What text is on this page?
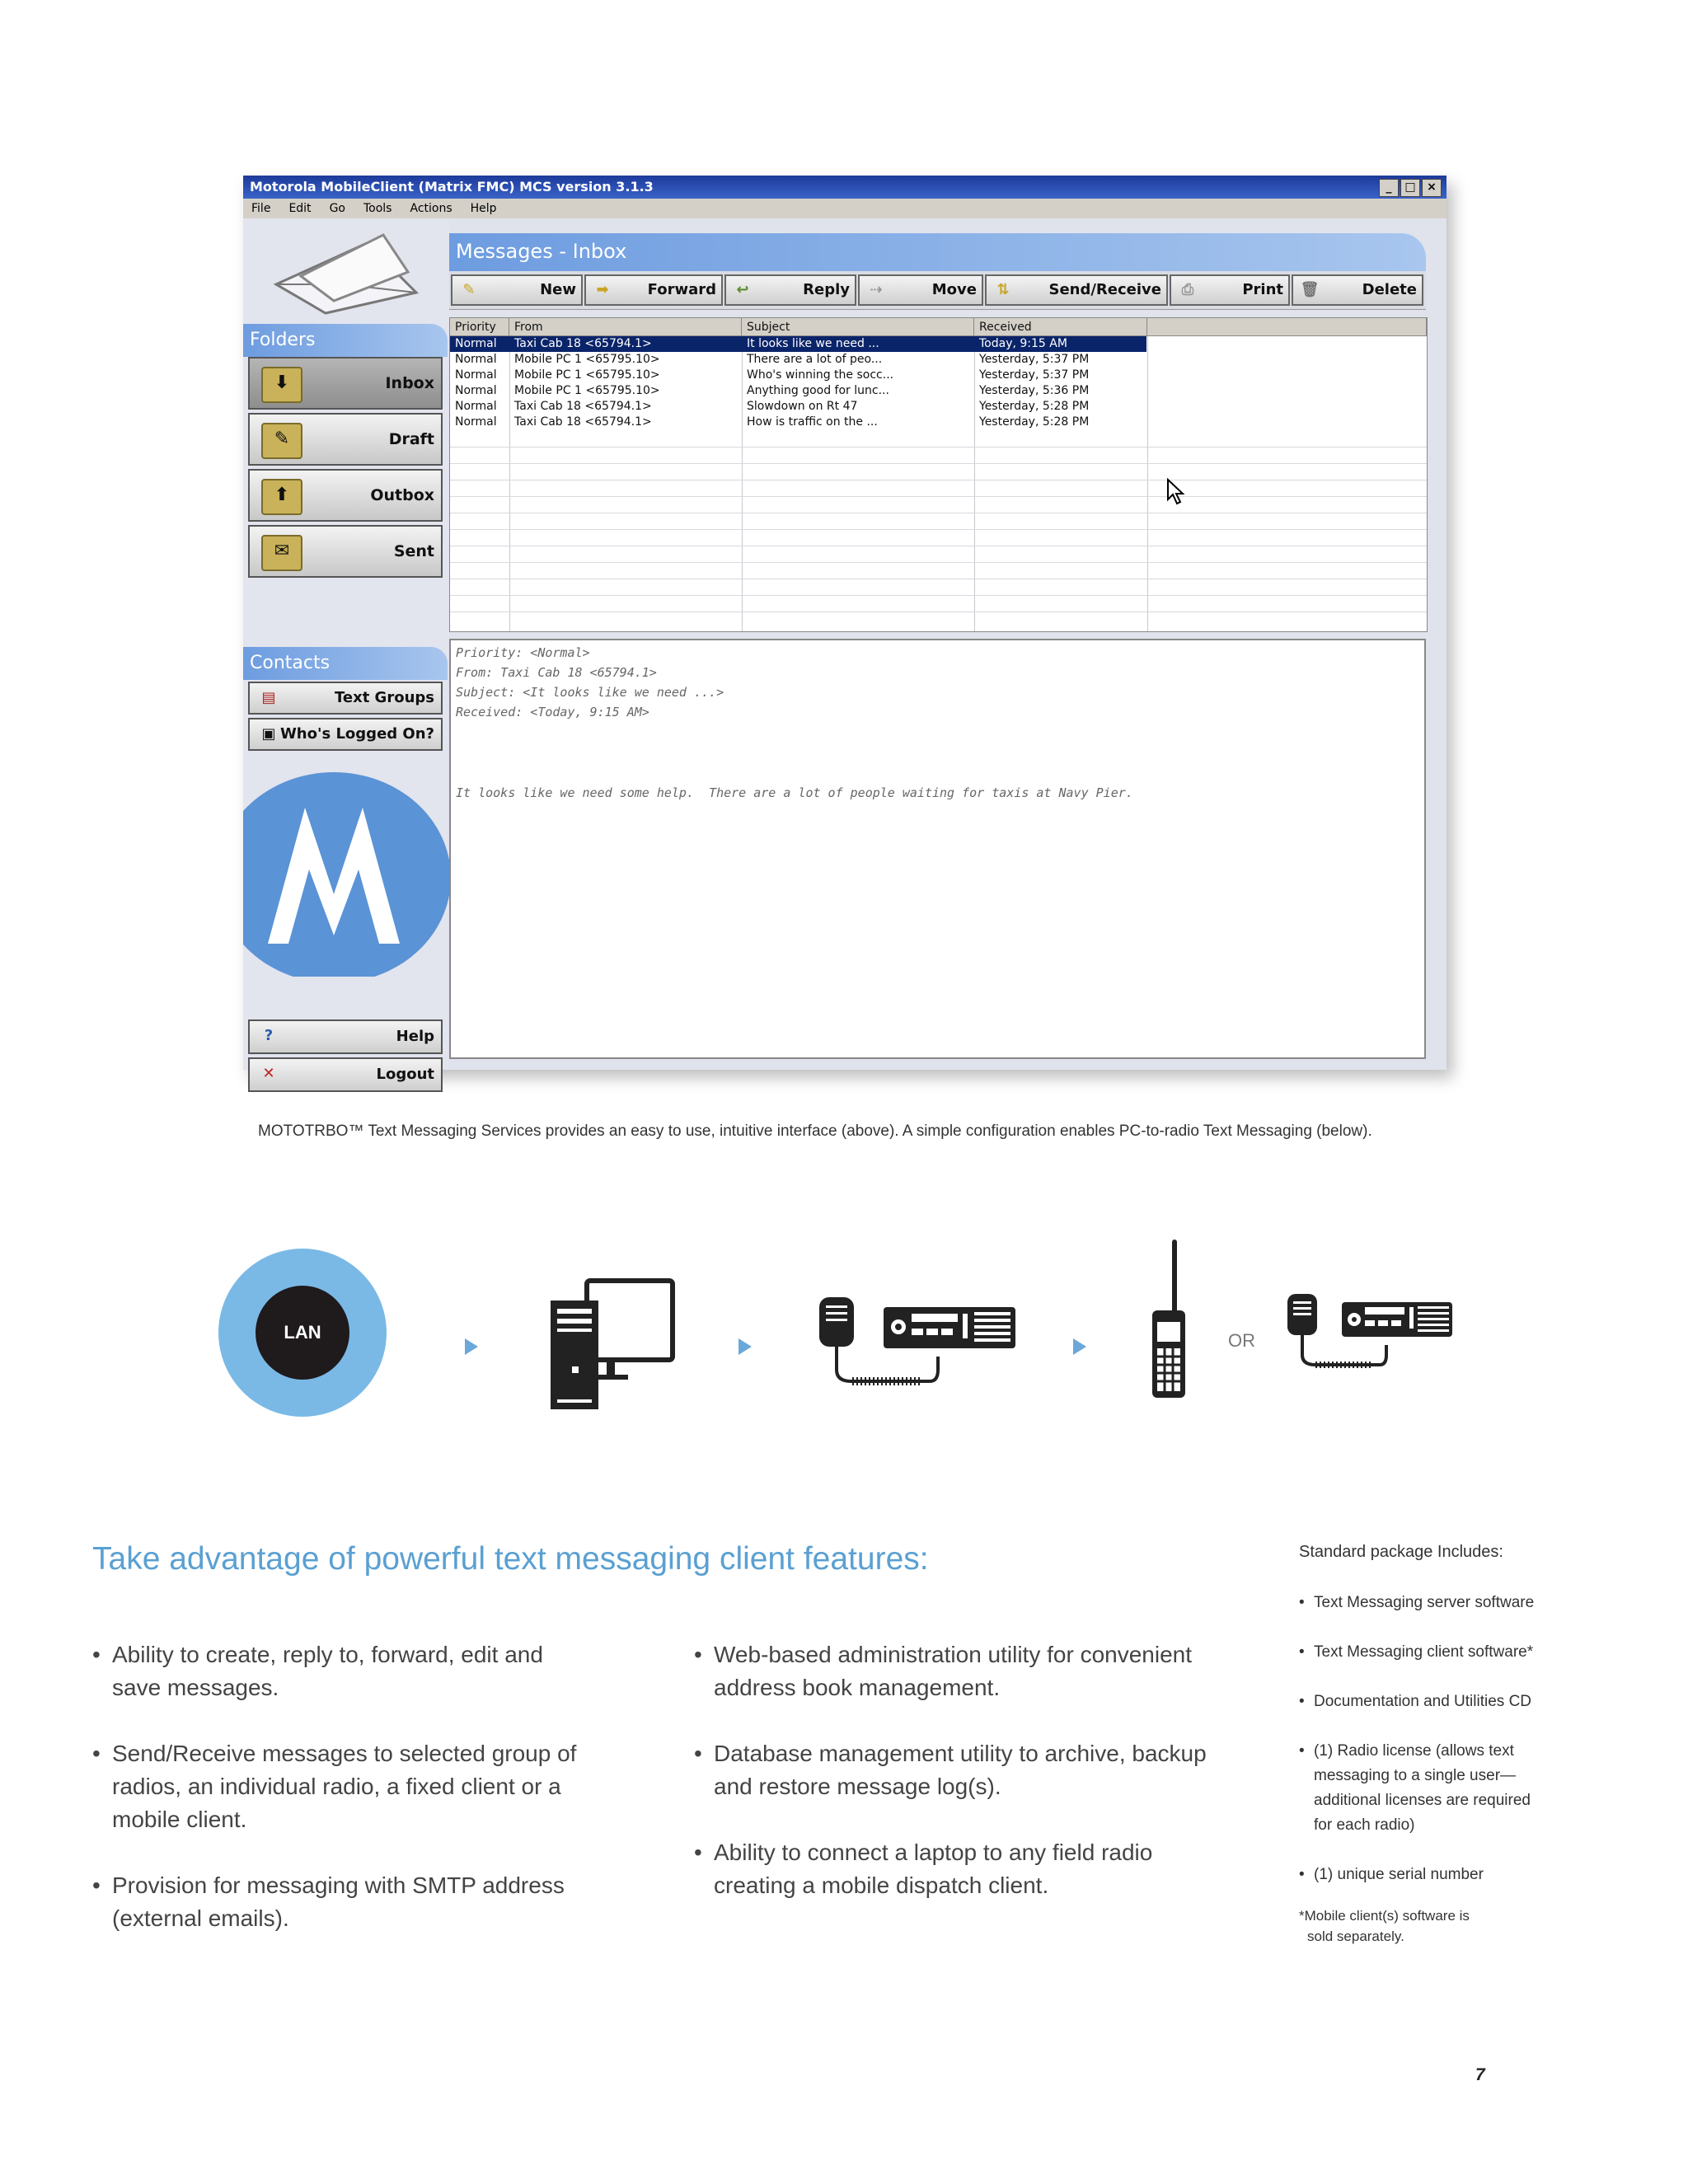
Motorola MobileClient (Matrix FMC) MCS version 3.1.3	_	□ ×
File Edit Go Tools Actions Help
Folders
⬇	Inbox
✎	Draft
⬆	Outbox
✉	Sent
Contacts
▤	Text Groups
▣ Who's Logged On?
?	Help
✕	Logout
Messages - Inbox
✎	New	➡	Forward	↩	Reply	⇢	Move	⇅	Send/Receive	⎙	Print	🗑	Delete
Priority	From	Subject	Received
Normal	Taxi Cab 18 <65794.1>	It looks like we need ...	Today, 9:15 AM
Normal	Mobile PC 1 <65795.10>	There are a lot of peo...	Yesterday, 5:37 PM
Normal	Mobile PC 1 <65795.10>	Who's winning the socc...	Yesterday, 5:37 PM
Normal	Mobile PC 1 <65795.10>	Anything good for lunc...	Yesterday, 5:36 PM
Normal	Taxi Cab 18 <65794.1>	Slowdown on Rt 47	Yesterday, 5:28 PM
Normal	Taxi Cab 18 <65794.1>	How is traffic on the ...	Yesterday, 5:28 PM
Priority: <Normal>
From: Taxi Cab 18 <65794.1>
Subject: <It looks like we need ...>
Received: <Today, 9:15 AM>
It looks like we need some help.  There are a lot of people waiting for taxis at Navy Pier.
MOTOTRBO™ Text Messaging Services provides an easy to use, intuitive interface (above). A simple configuration enables PC-to-radio Text Messaging (below).
LAN	OR
Take advantage of powerful text messaging client features:
• Ability to create, reply to, forward, edit and
save messages.
• Send/Receive messages to selected group of
radios, an individual radio, a fixed client or a
mobile client.
• Provision for messaging with SMTP address
(external emails).
• Web-based administration utility for convenient
address book management.
• Database management utility to archive, backup
and restore message log(s).
• Ability to connect a laptop to any field radio
creating a mobile dispatch client.
Standard package Includes:
• Text Messaging server software
• Text Messaging client software*
• Documentation and Utilities CD
• (1) Radio license (allows text
messaging to a single user—
additional licenses are required
for each radio)
• (1) unique serial number
*Mobile client(s) software is
sold separately.
7
